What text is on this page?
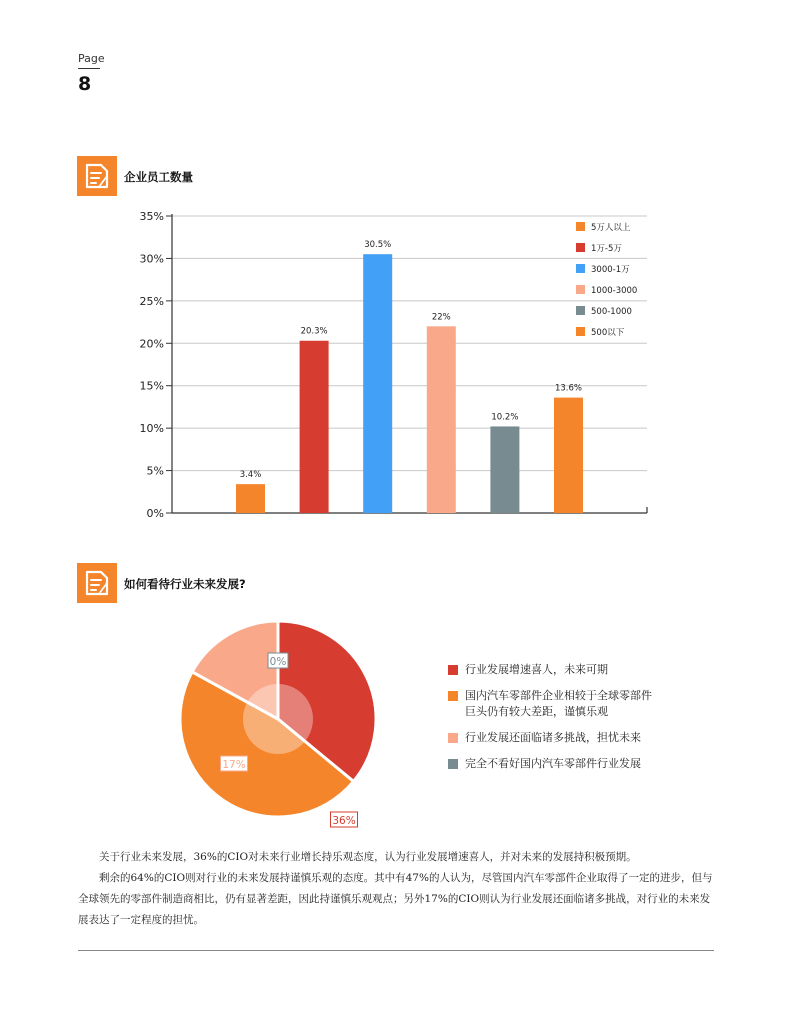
Page
8
企业员工数量
0%
5%
10%
15%
20%
25%
30%
35%
3.4%
20.3%
30.5%
22%
10.2%
13.6%
5万人以上
1万-5万
3000-1万
1000-3000
500-1000
500以下
如何看待行业未来发展?
36%
17%
0%
行业发展增速喜人，未来可期
国内汽车零部件企业相较于全球零部件
巨头仍有较大差距，谨慎乐观
行业发展还面临诸多挑战，担忧未来
完全不看好国内汽车零部件行业发展
关于行业未来发展，36%的CIO对未来行业增长持乐观态度，认为行业发展增速喜人，并对未来的发展持积极预期。
剩余的64%的CIO则对行业的未来发展持谨慎乐观的态度。其中有47%的人认为，尽管国内汽车零部件企业取得了一定的进步，但与全球领先的零部件制造商相比，仍有显著差距，因此持谨慎乐观观点；另外17%的CIO则认为行业发展还面临诸多挑战，对行业的未来发展表达了一定程度的担忧。
